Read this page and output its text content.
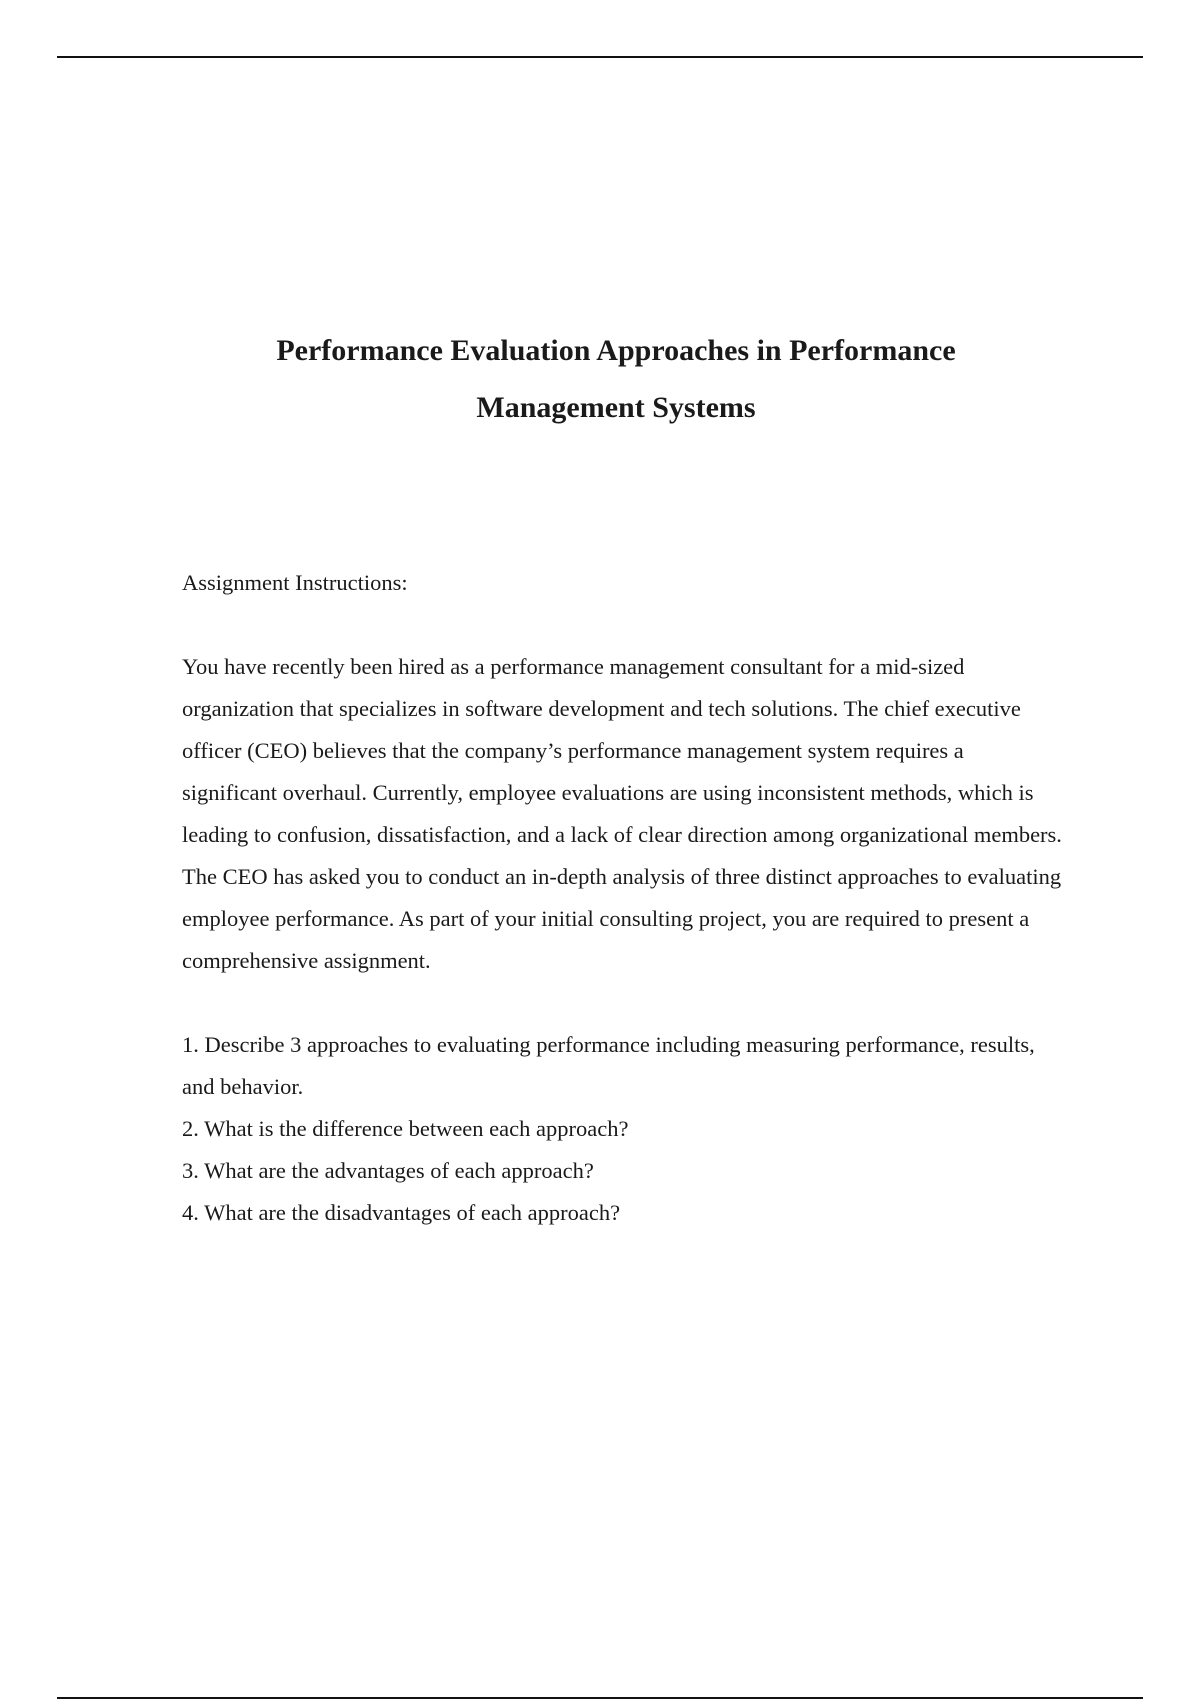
Performance Evaluation Approaches in Performance
Management Systems

Assignment Instructions:

You have recently been hired as a performance management consultant for a mid-sized organization that specializes in software development and tech solutions. The chief executive officer (CEO) believes that the company’s performance management system requires a significant overhaul. Currently, employee evaluations are using inconsistent methods, which is leading to confusion, dissatisfaction, and a lack of clear direction among organizational members. The CEO has asked you to conduct an in-depth analysis of three distinct approaches to evaluating employee performance. As part of your initial consulting project, you are required to present a comprehensive assignment.

1. Describe 3 approaches to evaluating performance including measuring performance, results, and behavior.
2. What is the difference between each approach?
3. What are the advantages of each approach?
4. What are the disadvantages of each approach?
